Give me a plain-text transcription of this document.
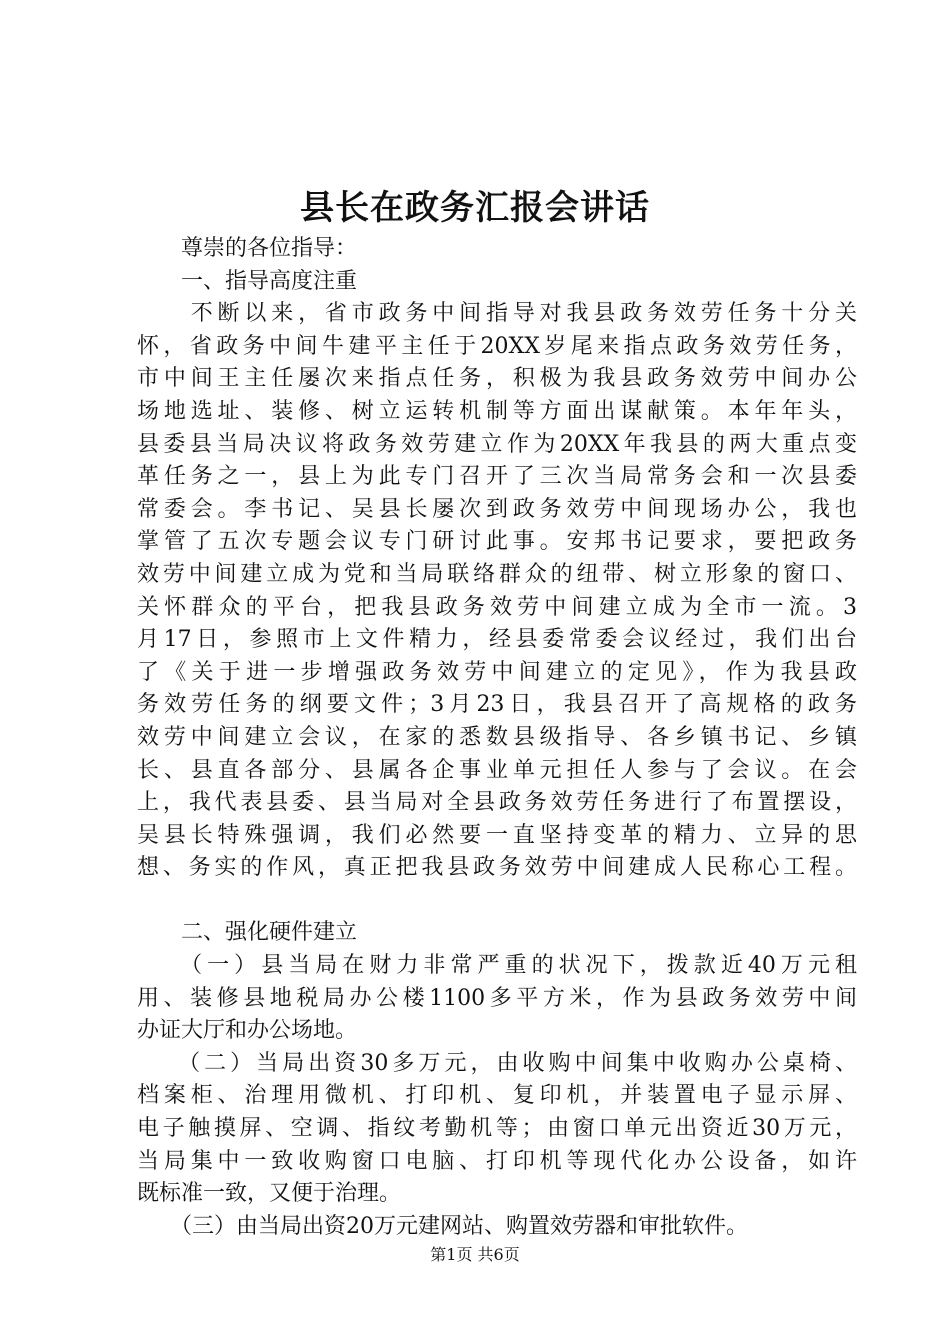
县长在政务汇报会讲话
　　尊崇的各位指导：
　　一、指导高度注重
　　不断以来，省市政务中间指导对我县政务效劳任务十分关
怀，省政务中间牛建平主任于20XX岁尾来指点政务效劳任务，
市中间王主任屡次来指点任务，积极为我县政务效劳中间办公
场地选址、装修、树立运转机制等方面出谋献策。本年年头，
县委县当局决议将政务效劳建立作为20XX年我县的两大重点变
革任务之一，县上为此专门召开了三次当局常务会和一次县委
常委会。李书记、吴县长屡次到政务效劳中间现场办公，我也
掌管了五次专题会议专门研讨此事。安邦书记要求，要把政务
效劳中间建立成为党和当局联络群众的纽带、树立形象的窗口、
关怀群众的平台，把我县政务效劳中间建立成为全市一流。3
月17日，参照市上文件精力，经县委常委会议经过，我们出台
了《关于进一步增强政务效劳中间建立的定见》，作为我县政
务效劳任务的纲要文件；3月23日，我县召开了高规格的政务
效劳中间建立会议，在家的悉数县级指导、各乡镇书记、乡镇
长、县直各部分、县属各企事业单元担任人参与了会议。在会
上，我代表县委、县当局对全县政务效劳任务进行了布置摆设，
吴县长特殊强调，我们必然要一直坚持变革的精力、立异的思
想、务实的作风，真正把我县政务效劳中间建成人民称心工程。
　　二、强化硬件建立
　　（一）县当局在财力非常严重的状况下，拨款近40万元租
用、装修县地税局办公楼1100多平方米，作为县政务效劳中间
办证大厅和办公场地。
　　（二）当局出资30多万元，由收购中间集中收购办公桌椅、
档案柜、治理用微机、打印机、复印机，并装置电子显示屏、
电子触摸屏、空调、指纹考勤机等；由窗口单元出资近30万元，
当局集中一致收购窗口电脑、打印机等现代化办公设备，如许
既标准一致，又便于治理。
　　（三）由当局出资20万元建网站、购置效劳器和审批软件。
第1页 共6页
